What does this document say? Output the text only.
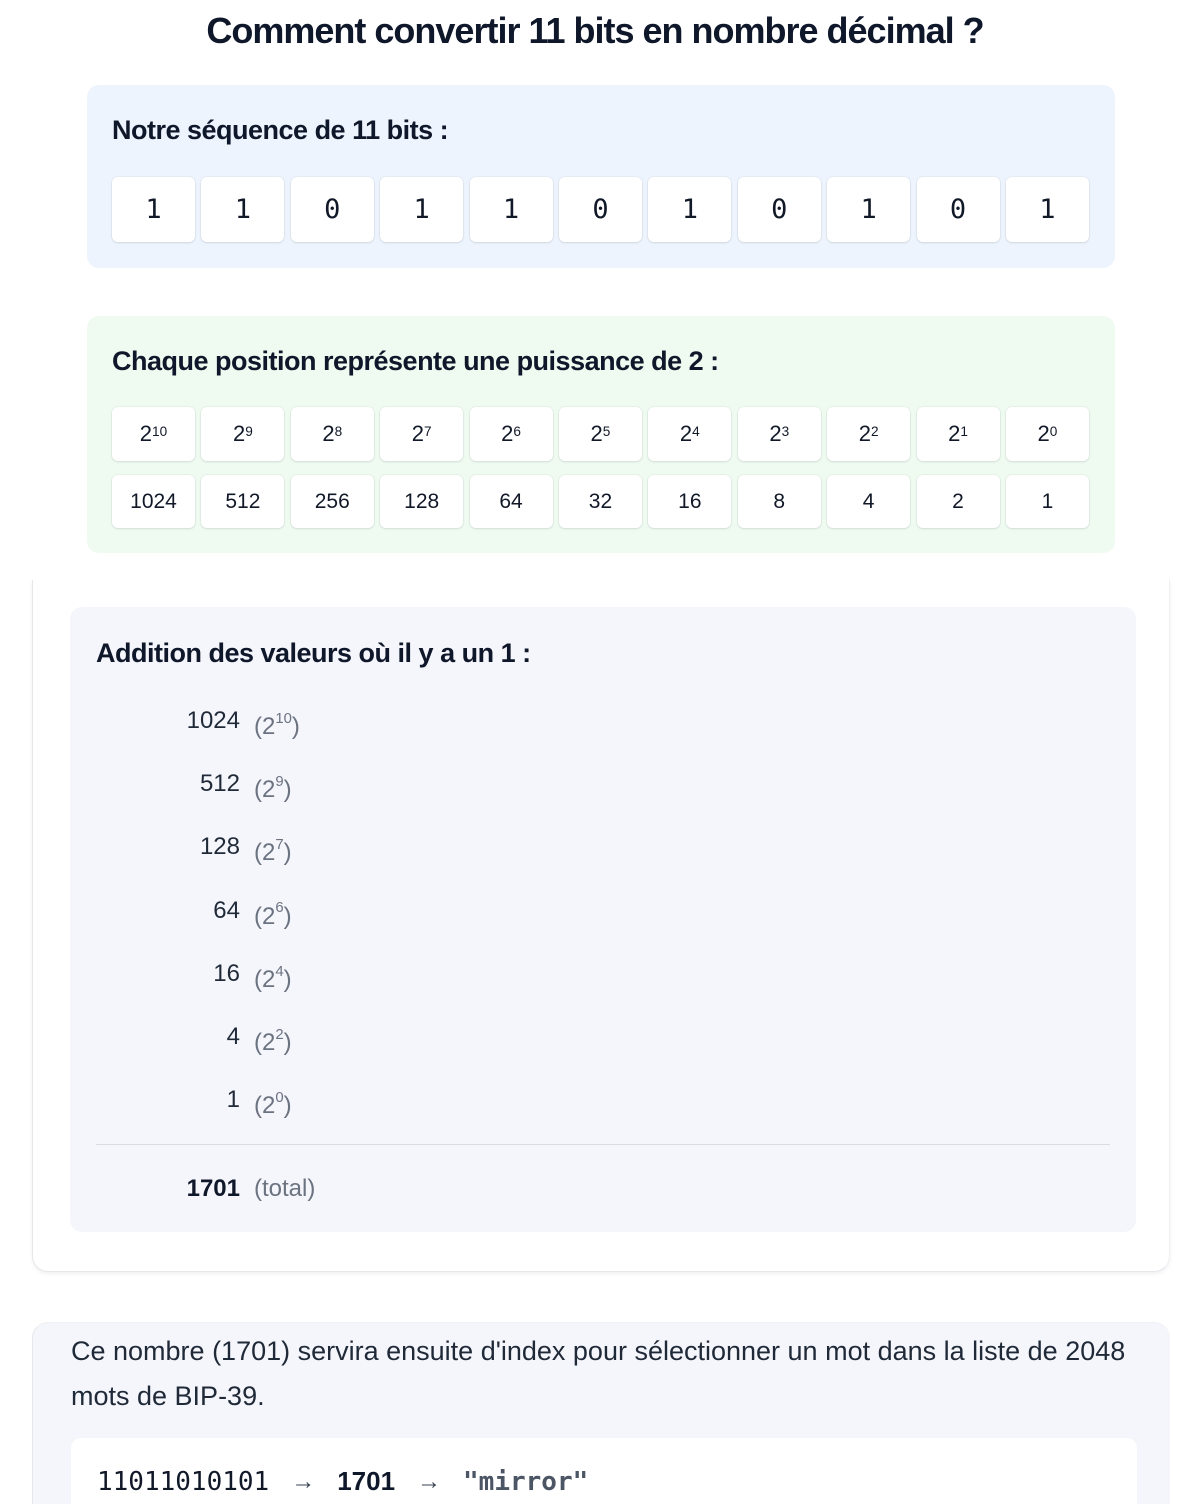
Comment convertir 11 bits en nombre décimal ?
Notre séquence de 11 bits :
1	1	0	1	1	0	1	0	1	0	1
Chaque position représente une puissance de 2 :
$2^{10}$	$2^9$	$2^8$	$2^7$	$2^6$	$2^5$	$2^4$	$2^3$	$2^2$	$2^1$	$2^0$
1024	512	256	128	64	32	16	8	4	2	1
Addition des valeurs où il y a un 1 :
1024 $(2^{10})$
512 $(2^9)$
128 $(2^7)$
64 $(2^6)$
16 $(2^4)$
4 $(2^2)$
1 $(2^0)$
1701 (total)

Ce nombre (1701) servira ensuite d'index pour sélectionner un mot dans la liste de 2048 mots de BIP-39.

11011010101 → 1701 → "mirror"
